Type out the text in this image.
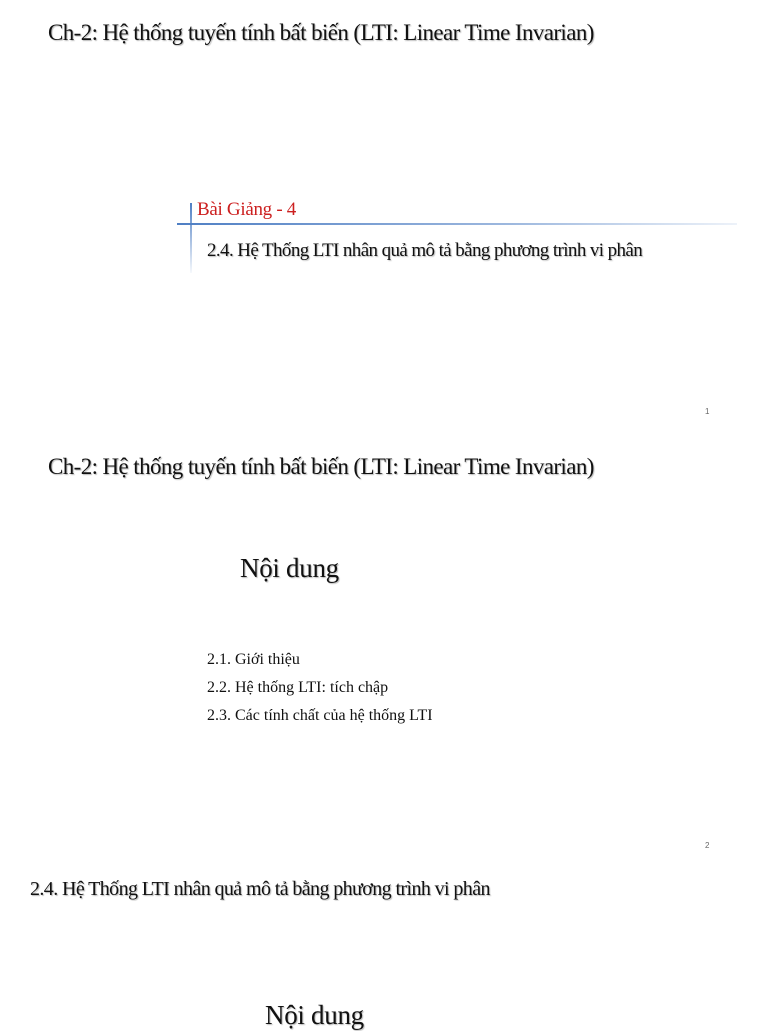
Ch-2: Hệ thống tuyến tính bất biến (LTI: Linear Time Invarian)
Bài Giảng - 4
2.4. Hệ Thống LTI nhân quả mô tả bằng phương trình vi phân
1
Ch-2: Hệ thống tuyến tính bất biến (LTI: Linear Time Invarian)
Nội dung
2.1. Giới thiệu
2.2. Hệ thống LTI: tích chập
2.3. Các tính chất của hệ thống LTI
2
2.4. Hệ Thống LTI nhân quả mô tả bằng phương trình vi phân
Nội dung
